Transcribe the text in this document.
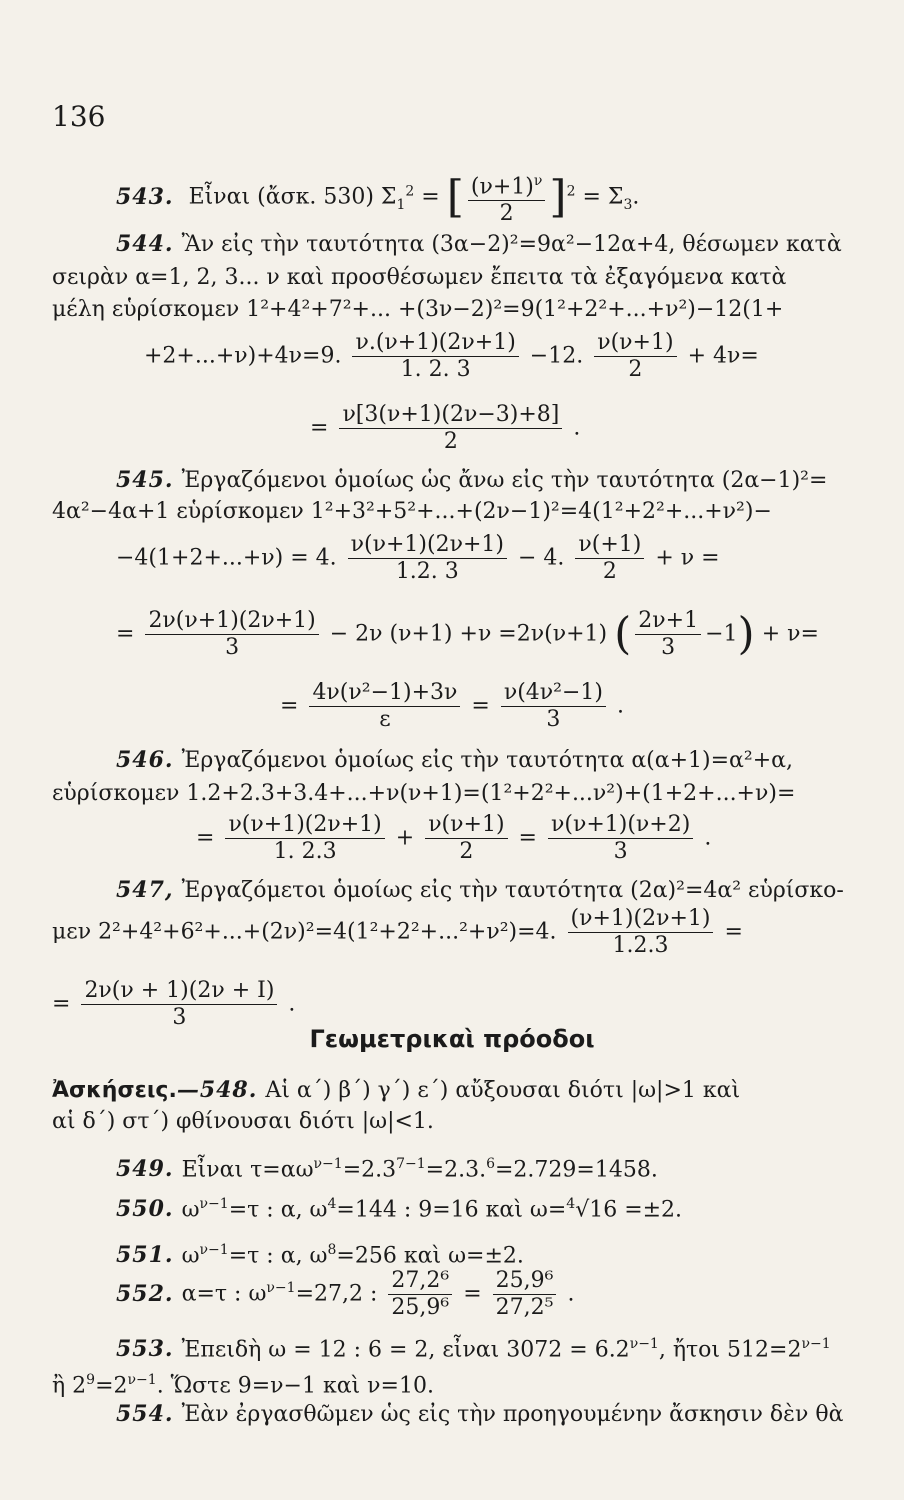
136
543. Εἶναι (ἄσκ. 530) $\Sigma_1^2$ = [ $\frac{(\nu+1)^\nu}{2} ]^2 = \Sigma_3$.
544. Ἂν εἰς τὴν ταυτότητα (3α−2)²=9α²−12α+4, θέσωμεν κατὰ
σειρὰν α=1, 2, 3... ν καὶ προσθέσωμεν ἔπειτα τὰ ἐξαγόμενα κατὰ
μέλη εὑρίσκομεν 1²+4²+7²+... +(3ν−2)²=9(1²+2²+...+ν²)−12(1+
+2+...+ν)+4ν=9. $\frac{\nu.(\nu+1)(2\nu+1)}{1. 2. 3} -12$. $\frac{\nu(\nu+1)}{2} + 4\nu=$
= $\frac{\nu[3(\nu+1)(2\nu-3)+8]}{2}$ .
545. Ἐργαζόμενοι ὁμοίως ὡς ἄνω εἰς τὴν ταυτότητα (2α−1)²=
4α²−4α+1 εὑρίσκομεν 1²+3²+5²+...+(2ν−1)²=4(1²+2²+...+ν²)−
−4(1+2+...+ν) = 4. $\frac{\nu(\nu+1)(2\nu+1)}{1.2. 3} - 4$. $\frac{\nu(+1)}{2} + \nu$ =
= $\frac{2\nu(\nu+1)(2\nu+1)}{3} - 2\nu$ (ν+1) +ν =2ν(ν+1) ( $\frac{2\nu+1}{3} -1) + \nu=$
= $\frac{\text{4ν(ν²−1)+3ν}}{\varepsilon} = \frac{\text{ν(4ν²−1)}}{3}$ .
546. Ἐργαζόμενοι ὁμοίως εἰς τὴν ταυτότητα α(α+1)=α²+α,
εὑρίσκομεν 1.2+2.3+3.4+...+ν(ν+1)=(1²+2²+...ν²)+(1+2+...+ν)=
= $\frac{\nu(\nu+1)(2\nu+1)}{1. 2.3} + \frac{\nu(\nu+1)}{2} = \frac{\nu(\nu+1)(\nu+2)}{3}$ .
547, Ἐργαζόμετοι ὁμοίως εἰς τὴν ταυτότητα (2α)²=4α² εὑρίσκο-
μεν 2²+4²+6²+...+(2ν)²=4(1²+2²+...²+ν²)=4. $\frac{(\nu+1)(2\nu+1)}{1.2.3}$ =
= $\frac{2\nu(\nu + 1)(2\nu + I)}{3}$ .
Γεωμετρικαὶ πρόοδοι
Ἀσκήσεις.—548. Αἱ α΄) β΄) γ΄) ε΄) αὔξουσαι διότι |ω|>1 καὶ
αἱ δ΄) στ΄) φθίνουσαι διότι |ω|<1.
549. Εἶναι $\tau=\alpha\omega^{\nu-1}=2.3^{7-1}=2.3.^6=2.729=1458$.
550. $\omega^{\nu-1}=\tau$ : α, $\omega^4=144$ : 9=16 καὶ ω=$^4$√16 =±2.
551. $\omega^{\nu-1}=\tau$ : α, $\omega^8=256$ καὶ ω=±2.
552. α=τ : $\omega^{\nu-1}=27,2$ : $\frac{\text{27,2⁶}}{\text{25,9⁶}} = \frac{\text{25,9⁶}}{\text{27,2⁵}}$ .
553. Ἐπειδὴ ω = 12 : 6 = 2, εἶναι $3072 = 6.2^{\nu-1}$, ἤτοι $512=2^{\nu-1}$
ἢ $2^9=2^{\nu-1}$. Ὥστε 9=ν−1 καὶ ν=10.
554. Ἐὰν ἐργασθῶμεν ὡς εἰς τὴν προηγουμένην ἄσκησιν δὲν θὰ
